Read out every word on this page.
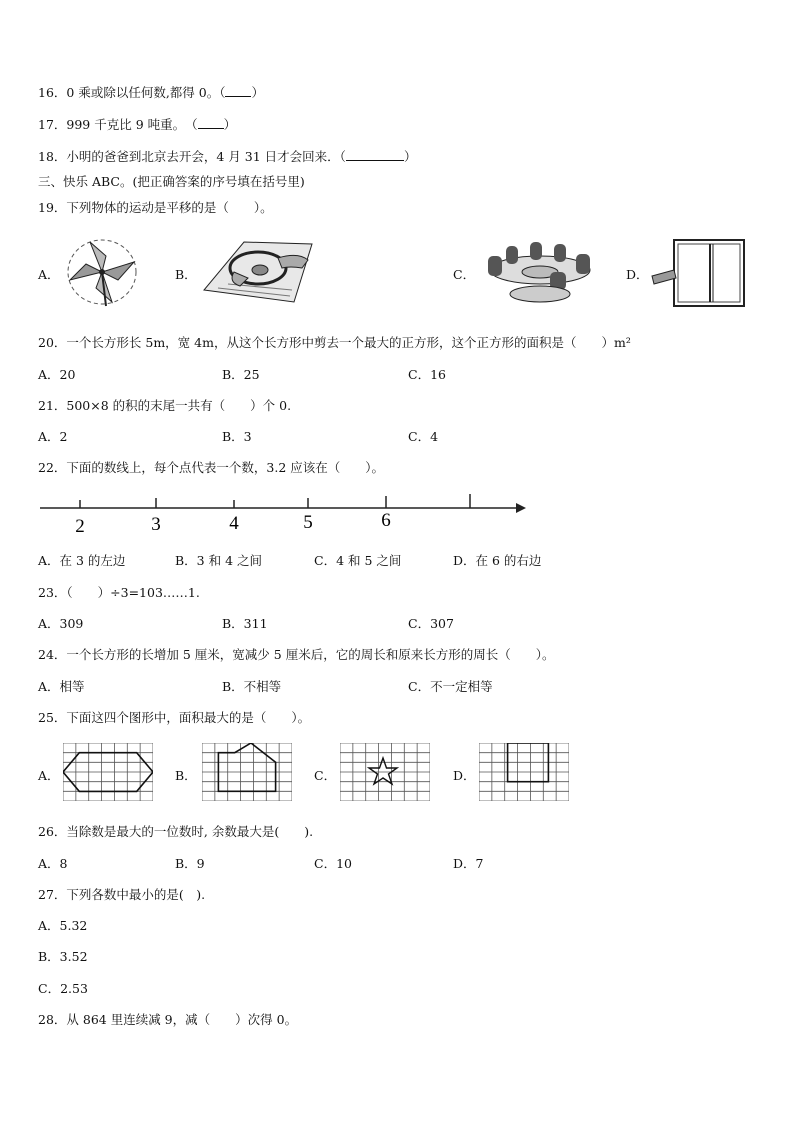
16．0 乘或除以任何数,都得 0。（ ）
17．999 千克比 9 吨重。　（ ）
18．小明的爸爸到北京去开会，4 月 31 日才会回来．（	）
三、快乐 ABC。(把正确答案的序号填在括号里)
19．下列物体的运动是平移的是（　　）。
A．	B．	C．	D．
20．一个长方形长 5m，宽 4m，从这个长方形中剪去一个最大的正方形，这个正方形的面积是（　　）m²
A．20	B．25	C．16
21．500×8 的积的末尾一共有（　　）个 0.
A．2	B．3	C．4
22．下面的数线上，每个点代表一个数，3.2 应该在（　　）。
2	3	4	5	6
A．在 3 的左边	B．3 和 4 之间	C．4 和 5 之间	D．在 6 的右边
23．（　　）÷3=103……1.
A．309	B．311	C．307
24．一个长方形的长增加 5 厘米，宽减少 5 厘米后，它的周长和原来长方形的周长（　　）。
A．相等	B．不相等	C．不一定相等
25．下面这四个图形中，面积最大的是（　　）。
A．	B．	C．	D．
26．当除数是最大的一位数时, 余数最大是(　　).
A．8	B．9	C．10	D．7
27．下列各数中最小的是(　).
A．5.32
B．3.52
C．2.53
28．从 864 里连续减 9，减（　　）次得 0。
